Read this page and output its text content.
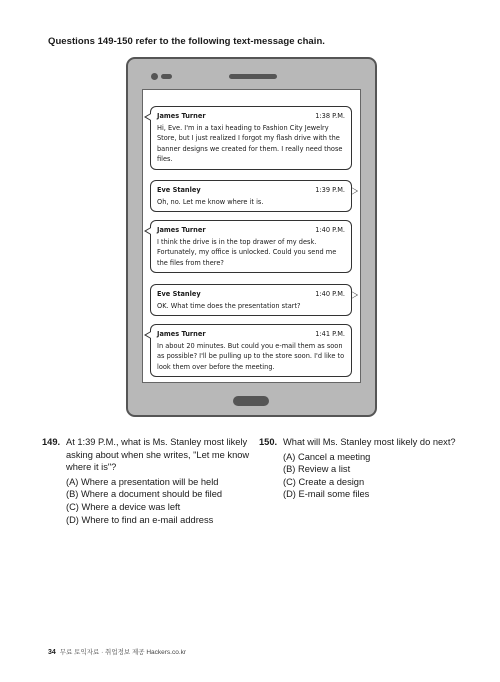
Questions 149-150 refer to the following text-message chain.
James Turner	1:38 P.M.
Hi, Eve. I'm in a taxi heading to Fashion City Jewelry Store, but I just realized I forgot my flash drive with the banner designs we created for them. I really need those files.
Eve Stanley	1:39 P.M.
Oh, no. Let me know where it is.
James Turner	1:40 P.M.
I think the drive is in the top drawer of my desk. Fortunately, my office is unlocked. Could you send me the files from there?
Eve Stanley	1:40 P.M.
OK. What time does the presentation start?
James Turner	1:41 P.M.
In about 20 minutes. But could you e-mail them as soon as possible? I'll be pulling up to the store soon. I'd like to look them over before the meeting.
149. At 1:39 P.M., what is Ms. Stanley most likely asking about when she writes, "Let me know where it is"?
(A) Where a presentation will be held
(B) Where a document should be filed
(C) Where a device was left
(D) Where to find an e-mail address
150. What will Ms. Stanley most likely do next?
(A) Cancel a meeting
(B) Review a list
(C) Create a design
(D) E-mail some files
34 무료 토익자료 · 취업정보 제공 Hackers.co.kr
